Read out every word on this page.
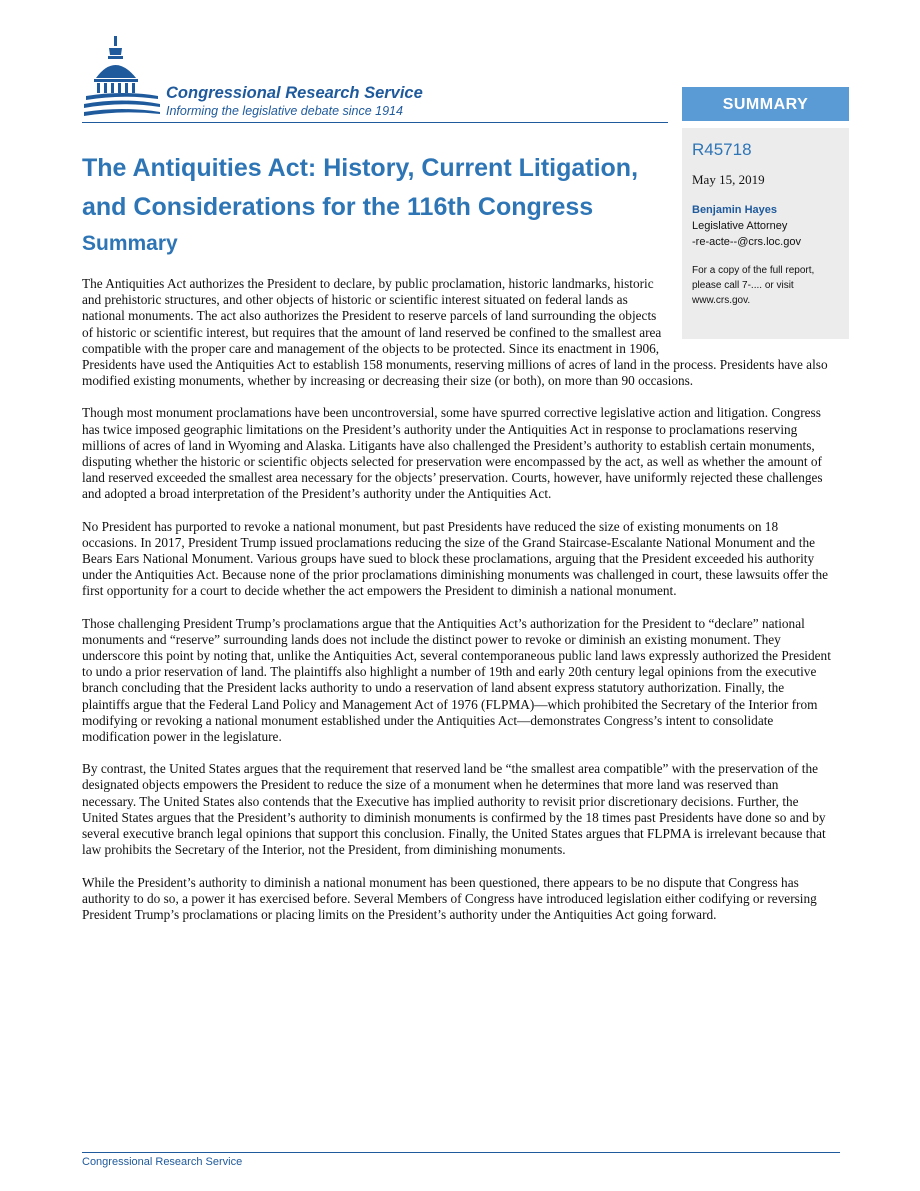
Congressional Research Service
Informing the legislative debate since 1914	SUMMARY
R45718
May 15, 2019
Benjamin Hayes
Legislative Attorney
-re-acte--@crs.loc.gov
For a copy of the full report, please call 7-.... or visit www.crs.gov.
The Antiquities Act: History, Current Litigation, and Considerations for the 116th Congress
Summary

The Antiquities Act authorizes the President to declare, by public proclamation, historic landmarks, historic and prehistoric structures, and other objects of historic or scientific interest situated on federal lands as national monuments. The act also authorizes the President to reserve parcels of land surrounding the objects of historic or scientific interest, but requires that the amount of land reserved be confined to the smallest area compatible with the proper care and management of the objects to be protected. Since its enactment in 1906, Presidents have used the Antiquities Act to establish 158 monuments, reserving millions of acres of land in the process. Presidents have also modified existing monuments, whether by increasing or decreasing their size (or both), on more than 90 occasions.

Though most monument proclamations have been uncontroversial, some have spurred corrective legislative action and litigation. Congress has twice imposed geographic limitations on the President’s authority under the Antiquities Act in response to proclamations reserving millions of acres of land in Wyoming and Alaska. Litigants have also challenged the President’s authority to establish certain monuments, disputing whether the historic or scientific objects selected for preservation were encompassed by the act, as well as whether the amount of land reserved exceeded the smallest area necessary for the objects’ preservation. Courts, however, have uniformly rejected these challenges and adopted a broad interpretation of the President’s authority under the Antiquities Act.

No President has purported to revoke a national monument, but past Presidents have reduced the size of existing monuments on 18 occasions. In 2017, President Trump issued proclamations reducing the size of the Grand Staircase-Escalante National Monument and the Bears Ears National Monument. Various groups have sued to block these proclamations, arguing that the President exceeded his authority under the Antiquities Act. Because none of the prior proclamations diminishing monuments was challenged in court, these lawsuits offer the first opportunity for a court to decide whether the act empowers the President to diminish a national monument.

Those challenging President Trump’s proclamations argue that the Antiquities Act’s authorization for the President to “declare” national monuments and “reserve” surrounding lands does not include the distinct power to revoke or diminish an existing monument. They underscore this point by noting that, unlike the Antiquities Act, several contemporaneous public land laws expressly authorized the President to undo a prior reservation of land. The plaintiffs also highlight a number of 19th and early 20th century legal opinions from the executive branch concluding that the President lacks authority to undo a reservation of land absent express statutory authorization. Finally, the plaintiffs argue that the Federal Land Policy and Management Act of 1976 (FLPMA)—which prohibited the Secretary of the Interior from modifying or revoking a national monument established under the Antiquities Act—demonstrates Congress’s intent to consolidate modification power in the legislature.

By contrast, the United States argues that the requirement that reserved land be “the smallest area compatible” with the preservation of the designated objects empowers the President to reduce the size of a monument when he determines that more land was reserved than necessary. The United States also contends that the Executive has implied authority to revisit prior discretionary decisions. Further, the United States argues that the President’s authority to diminish monuments is confirmed by the 18 times past Presidents have done so and by several executive branch legal opinions that support this conclusion. Finally, the United States argues that FLPMA is irrelevant because that law prohibits the Secretary of the Interior, not the President, from diminishing monuments.

While the President’s authority to diminish a national monument has been questioned, there appears to be no dispute that Congress has authority to do so, a power it has exercised before. Several Members of Congress have introduced legislation either codifying or reversing President Trump’s proclamations or placing limits on the President’s authority under the Antiquities Act going forward.

Congressional Research Service
